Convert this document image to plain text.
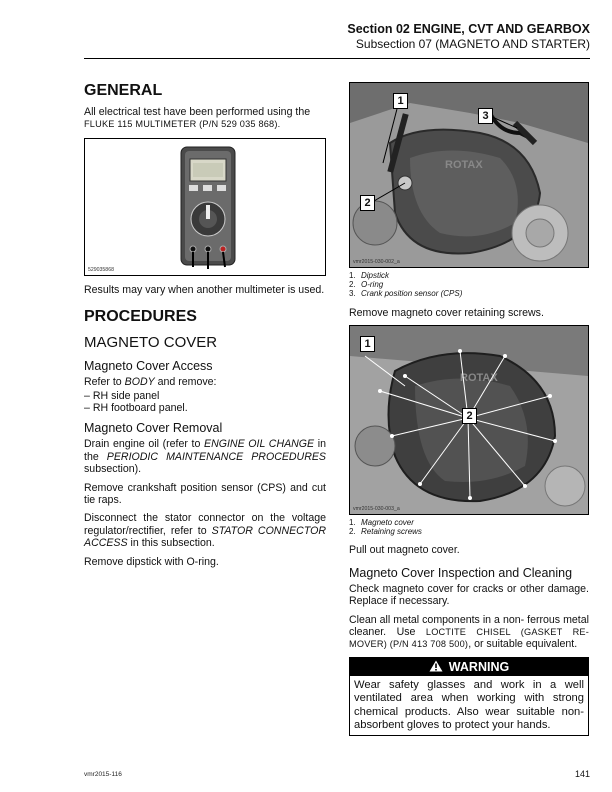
Section 02 ENGINE, CVT AND GEARBOX
Subsection 07 (MAGNETO AND STARTER)
GENERAL

All electrical test have been performed using the
FLUKE 115 MULTIMETER (P/N 529 035 868).

529035868

Results may vary when another multimeter is used.

PROCEDURES
MAGNETO COVER
Magneto Cover Access

Refer to BODY and remove:

– RH side panel
– RH footboard panel.
Magneto Cover Removal

Drain engine oil (refer to ENGINE OIL CHANGE in the PERIODIC MAINTENANCE PROCEDURES subsection).

Remove crankshaft position sensor (CPS) and cut tie raps.

Disconnect the stator connector on the voltage regulator/rectifier, refer to STATOR CONNECTOR ACCESS in this subsection.

Remove dipstick with O-ring.

ROTAX
1
2
3
vmr2015-030-002_a
1. Dipstick
2. O-ring
3. Crank position sensor (CPS)

Remove magneto cover retaining screws.

ROTAX
1
2
vmr2015-030-003_a
1. Magneto cover
2. Retaining screws

Pull out magneto cover.

Magneto Cover Inspection and Cleaning

Check magneto cover for cracks or other damage. Replace if necessary.

Clean all metal components in a non- ferrous metal cleaner. Use LOCTITE CHISEL (GASKET RE- MOVER) (P/N 413 708 500), or suitable equivalent.

WARNING
Wear safety glasses and work in a well ventilated area when working with strong chemical products. Also wear suitable non-absorbent gloves to protect your hands.
vmr2015-116	141
